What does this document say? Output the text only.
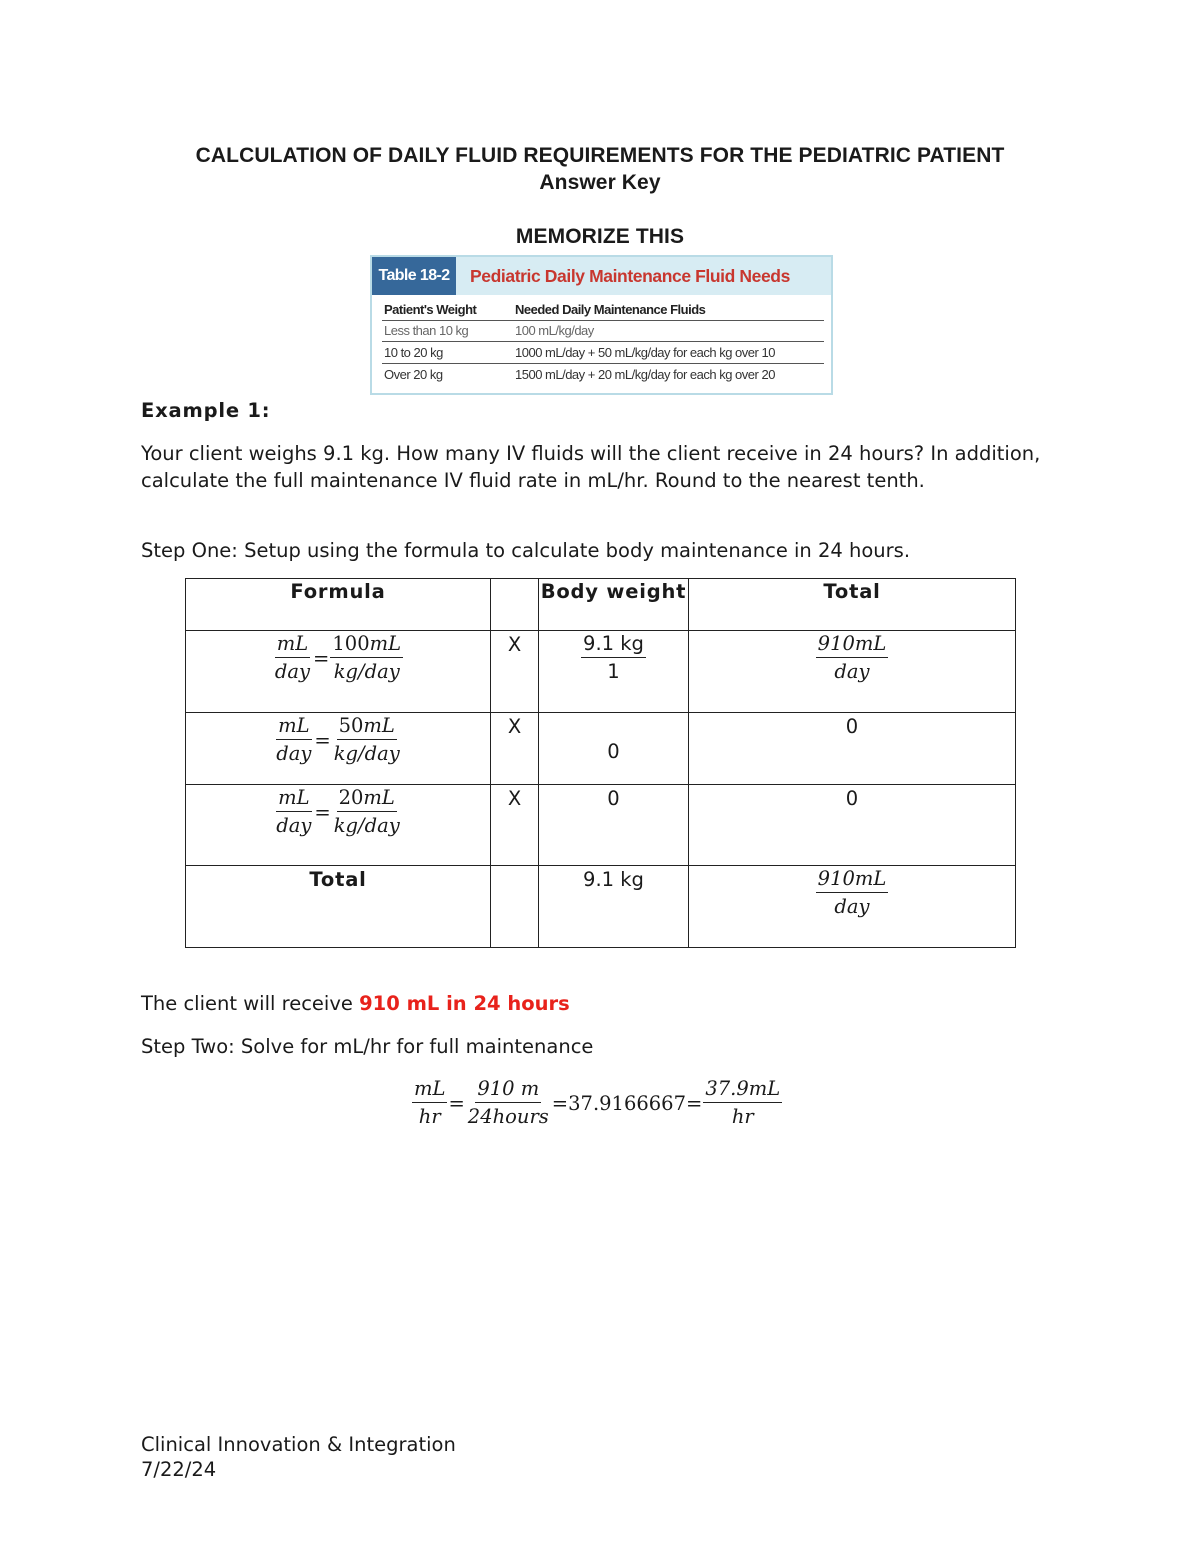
CALCULATION OF DAILY FLUID REQUIREMENTS FOR THE PEDIATRIC PATIENT
Answer Key
MEMORIZE THIS
Table 18-2	Pediatric Daily Maintenance Fluid Needs
Patient's Weight	Needed Daily Maintenance Fluids
Less than 10 kg	100 mL/kg/day
10 to 20 kg	1000 mL/day + 50 mL/kg/day for each kg over 10
Over 20 kg	1500 mL/day + 20 mL/kg/day for each kg over 20
Example 1:
Your client weighs 9.1 kg. How many IV fluids will the client receive in 24 hours? In addition, calculate the full maintenance IV fluid rate in mL/hr. Round to the nearest tenth.
Step One: Setup using the formula to calculate body maintenance in 24 hours.
Formula		Body weight	Total

$\frac{mL}{\text{day}} = \frac{100mL}{\text{kg/day}}$	X	$\frac{9.1 kg}{1}$	$\frac{910mL}{\text{day}}$

$\frac{mL}{\text{day}} = \frac{50mL}{\text{kg/day}}$	X	0	0

$\frac{mL}{\text{day}} = \frac{20mL}{\text{kg/day}}$	X	0	0
Total		9.1 kg	$\frac{910mL}{\text{day}}$
The client will receive 910 mL in 24 hours
Step Two: Solve for mL/hr for full maintenance
$\frac{mL}{hr} = \frac{910 m}{\text{24hours}} =37.9166667= \frac{37.9mL}{hr}$
Clinical Innovation & Integration
7/22/24
